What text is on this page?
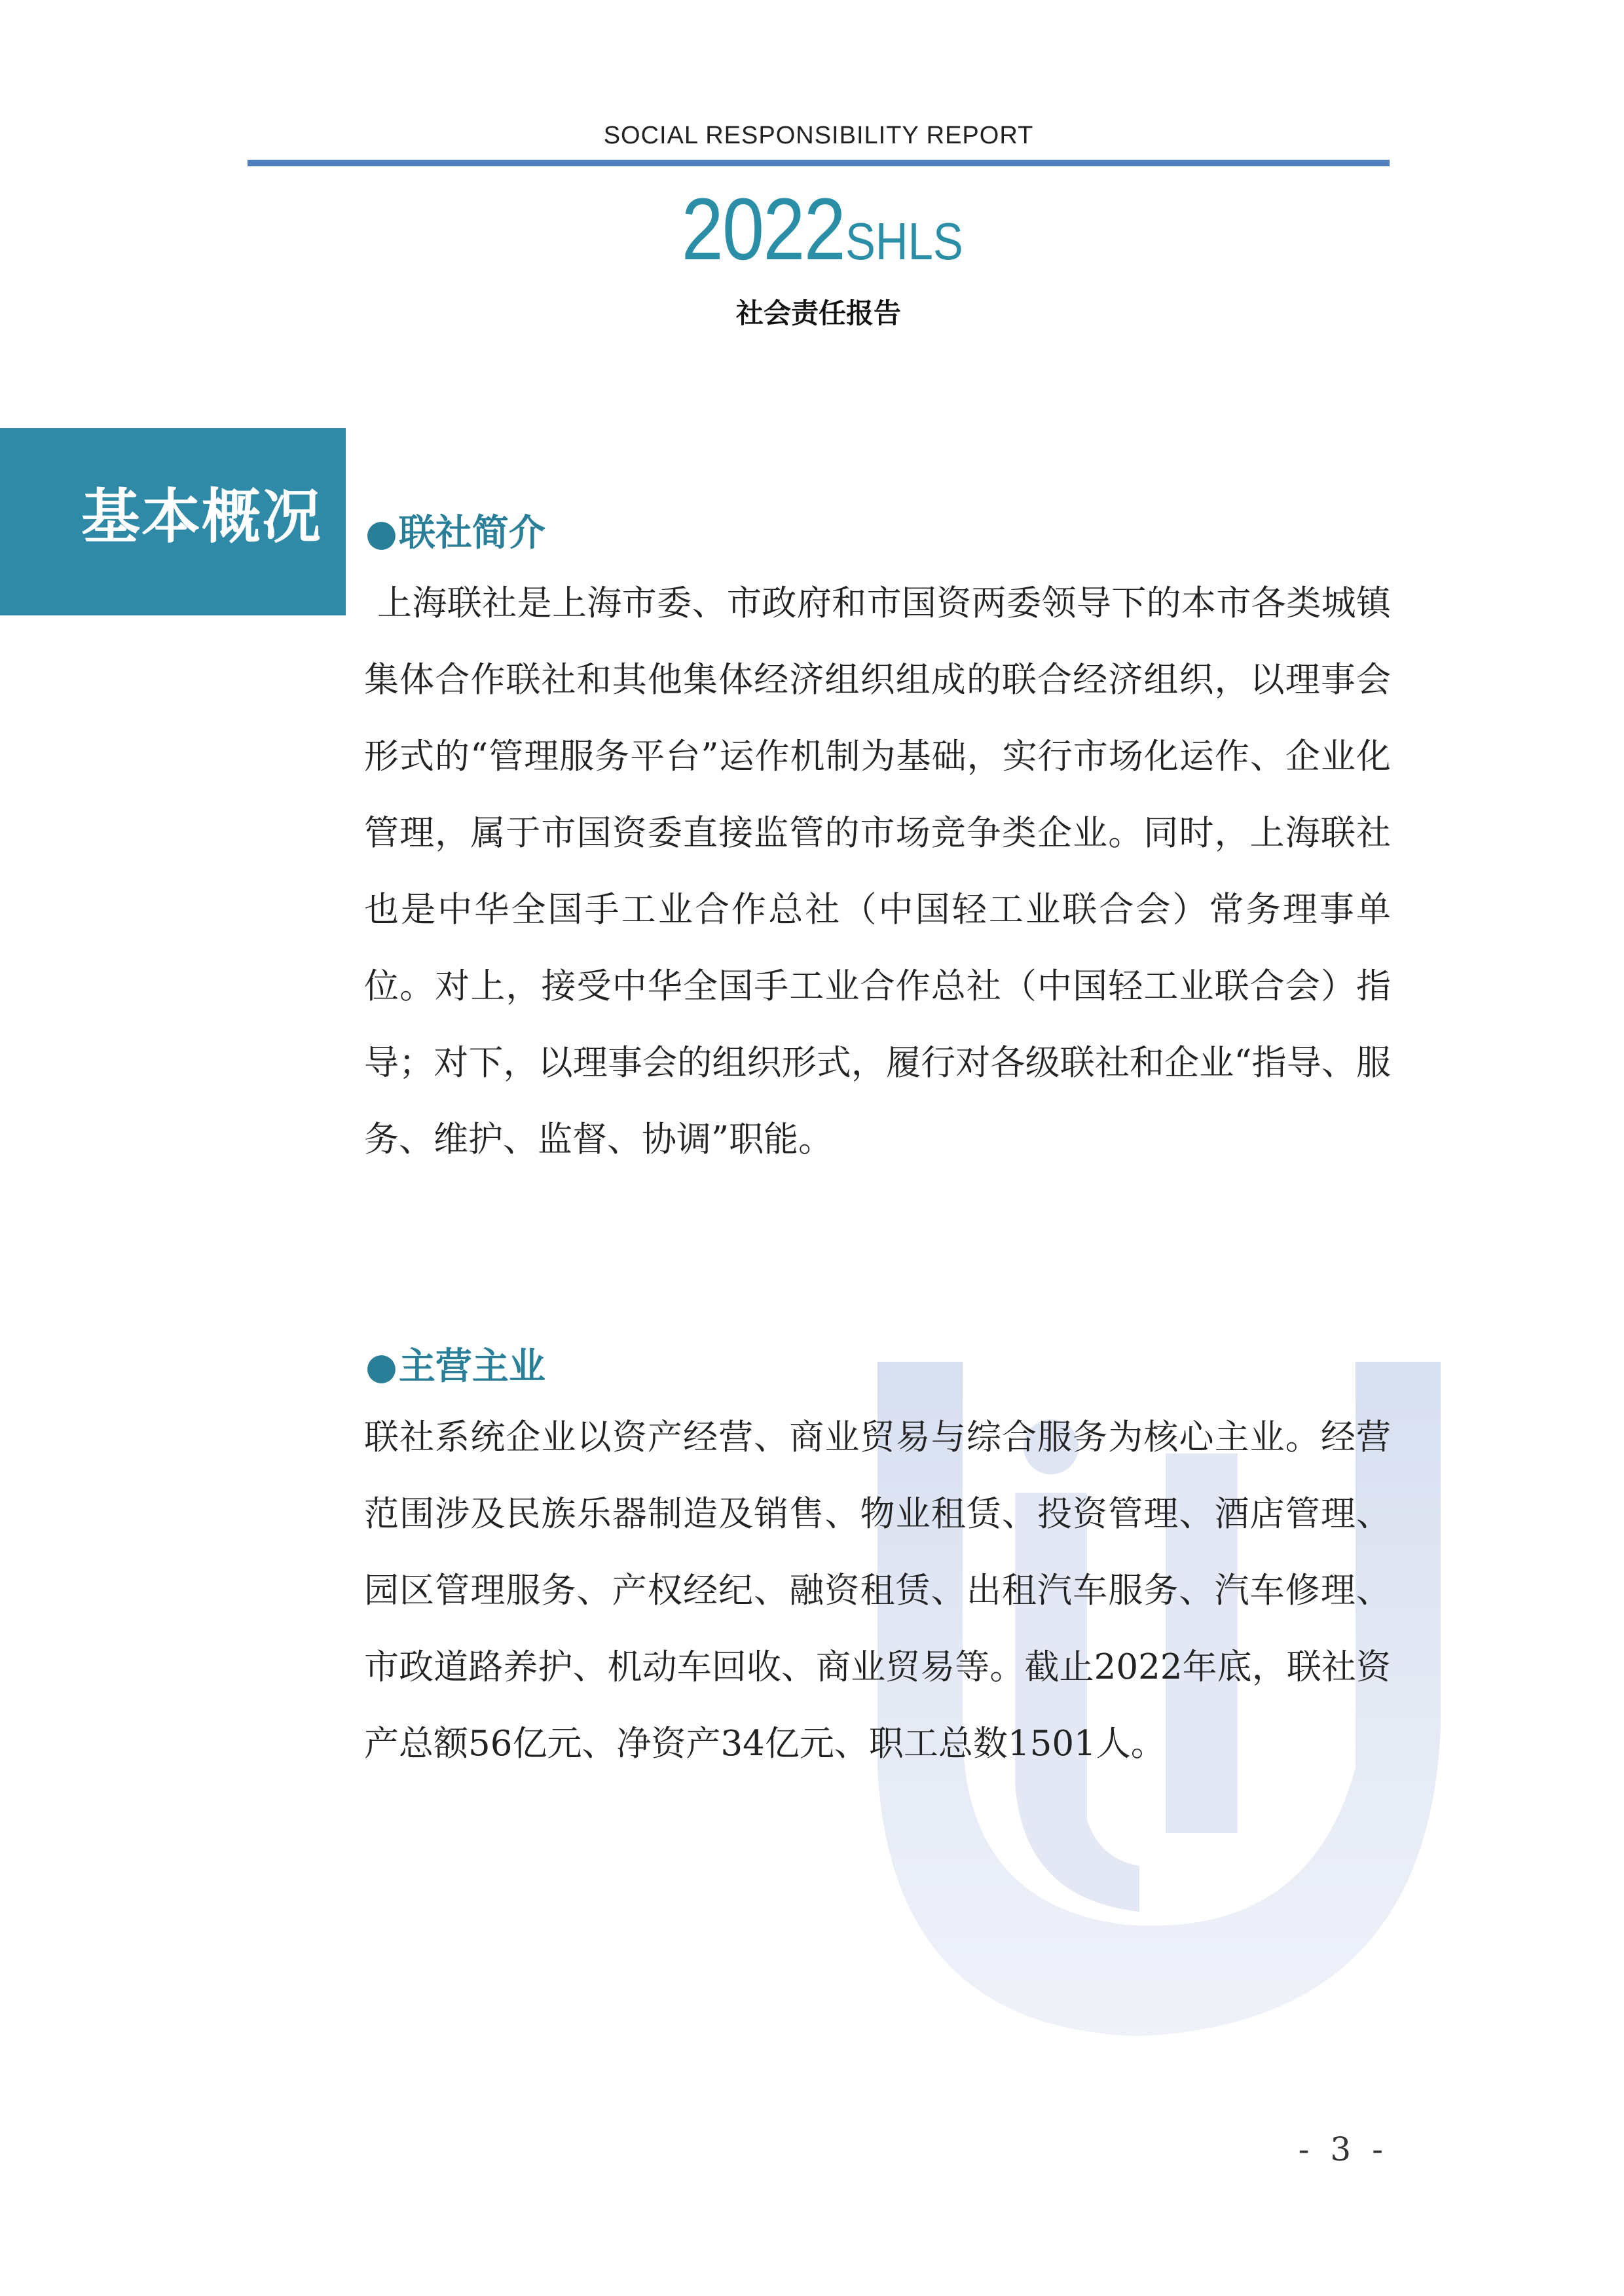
SOCIAL RESPONSIBILITY REPORT
2022SHLS
社会责任报告
基本概况 ●联社简介

上海联社是上海市委、市政府和市国资两委领导下的本市各类城镇集体合作联社和其他集体经济组织组成的联合经济组织，以理事会形式的“管理服务平台”运作机制为基础，实行市场化运作、企业化管理，属于市国资委直接监管的市场竞争类企业。同时，上海联社也是中华全国手工业合作总社（中国轻工业联合会）常务理事单位。对上，接受中华全国手工业合作总社（中国轻工业联合会）指导；对下，以理事会的组织形式，履行对各级联社和企业“指导、服务、维护、监督、协调”职能。

●主营主业

联社系统企业以资产经营、商业贸易与综合服务为核心主业。经营范围涉及民族乐器制造及销售、物业租赁、投资管理、酒店管理、园区管理服务、产权经纪、融资租赁、出租汽车服务、汽车修理、市政道路养护、机动车回收、商业贸易等。截止2022年底，联社资产总额56亿元、净资产34亿元、职工总数1501人。

- 3 -
